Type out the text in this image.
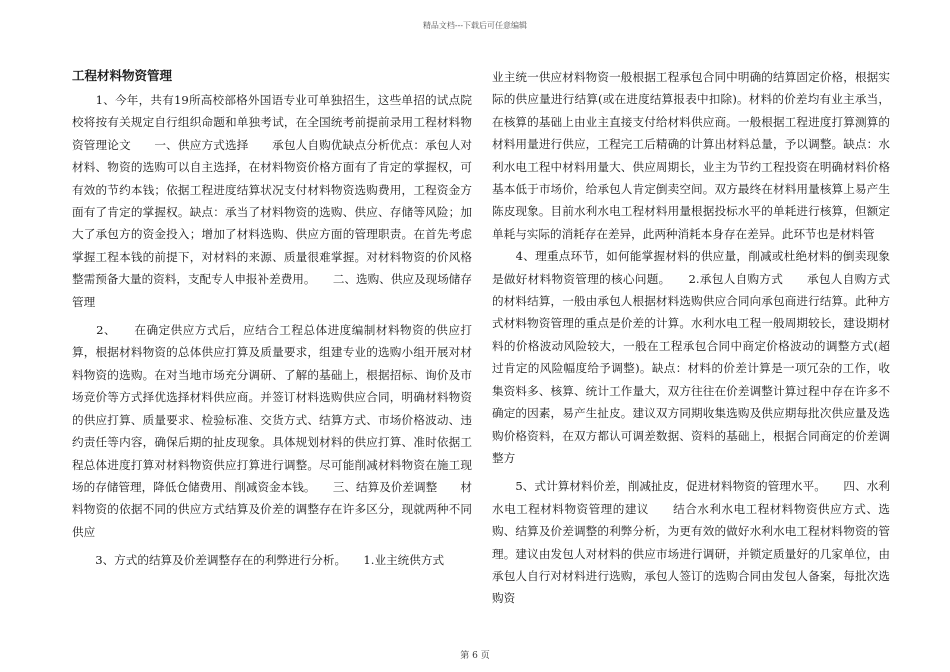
精品文档---下载后可任意编辑
工程材料物资管理

　　1、今年，共有19所高校部格外国语专业可单独招生，这些单招的试点院校将按有关规定自行组织命题和单独考试，在全国统考前提前录用工程材料物资管理论文　　一、供应方式选择　　承包人自购优缺点分析优点：承包人对材料、物资的选购可以自主选择，在材料物资价格方面有了肯定的掌握权，可有效的节约本钱；依据工程进度结算状况支付材料物资选购费用，工程资金方面有了肯定的掌握权。缺点：承当了材料物资的选购、供应、存储等风险；加大了承包方的资金投入；增加了材料选购、供应方面的管理职责。在首先考虑掌握工程本钱的前提下，对材料的来源、质量很难掌握。对材料物资的价风格整需预备大量的资料，支配专人申报补差费用。　　二、选购、供应及现场储存管理

　　2、　　在确定供应方式后，应结合工程总体进度编制材料物资的供应打算，根据材料物资的总体供应打算及质量要求，组建专业的选购小组开展对材料物资的选购。在对当地市场充分调研、了解的基础上，根据招标、询价及市场竞价等方式择优选择材料供应商。并签订材料选购供应合同，明确材料物资的供应打算、质量要求、检验标准、交货方式、结算方式、市场价格波动、违约责任等内容，确保后期的扯皮现象。具体规划材料的供应打算、准时依据工程总体进度打算对材料物资供应打算进行调整。尽可能削减材料物资在施工现场的存储管理，降低仓储费用、削减资金本钱。　　三、结算及价差调整　　材料物资的依据不同的供应方式结算及价差的调整存在许多区分，现就两种不同供应

　　3、方式的结算及价差调整存在的利弊进行分析。　　1.业主统供方式

业主统一供应材料物资一般根据工程承包合同中明确的结算固定价格，根据实际的供应量进行结算(或在进度结算报表中扣除)。材料的价差均有业主承当，在核算的基础上由业主直接支付给材料供应商。一般根据工程进度打算测算的材料用量进行供应，工程完工后精确的计算出材料总量，予以调整。缺点：水利水电工程中材料用量大、供应周期长，业主为节约工程投资在明确材料价格基本低于市场价，给承包人肯定倒卖空间。双方最终在材料用量核算上易产生陈皮现象。目前水利水电工程材料用量根据投标水平的单耗进行核算，但额定单耗与实际的消耗存在差异，此两种消耗本身存在差异。此环节也是材料管

　　4、理重点环节，如何能掌握材料的供应量，削减或杜绝材料的倒卖现象是做好材料物资管理的核心问题。　　2.承包人自购方式　　承包人自购方式的材料结算，一般由承包人根据材料选购供应合同向承包商进行结算。此种方式材料物资管理的重点是价差的计算。水利水电工程一般周期较长，建设期材料的价格波动风险较大，一般在工程承包合同中商定价格波动的调整方式(超过肯定的风险幅度给予调整)。缺点：材料的价差计算是一项冗杂的工作，收集资料多、核算、统计工作量大，双方往往在价差调整计算过程中存在许多不确定的因素，易产生扯皮。建议双方同期收集选购及供应期每批次供应量及选购价格资料，在双方都认可调差数据、资料的基础上，根据合同商定的价差调整方

　　5、式计算材料价差，削减扯皮，促进材料物资的管理水平。　　四、水利水电工程材料物资管理的建议　　结合水利水电工程材料物资供应方式、选购、结算及价差调整的利弊分析，为更有效的做好水利水电工程材料物资的管理。建议由发包人对材料的供应市场进行调研，并锁定质量好的几家单位，由承包人自行对材料进行选购，承包人签订的选购合同由发包人备案，每批次选购资

第 6 页
